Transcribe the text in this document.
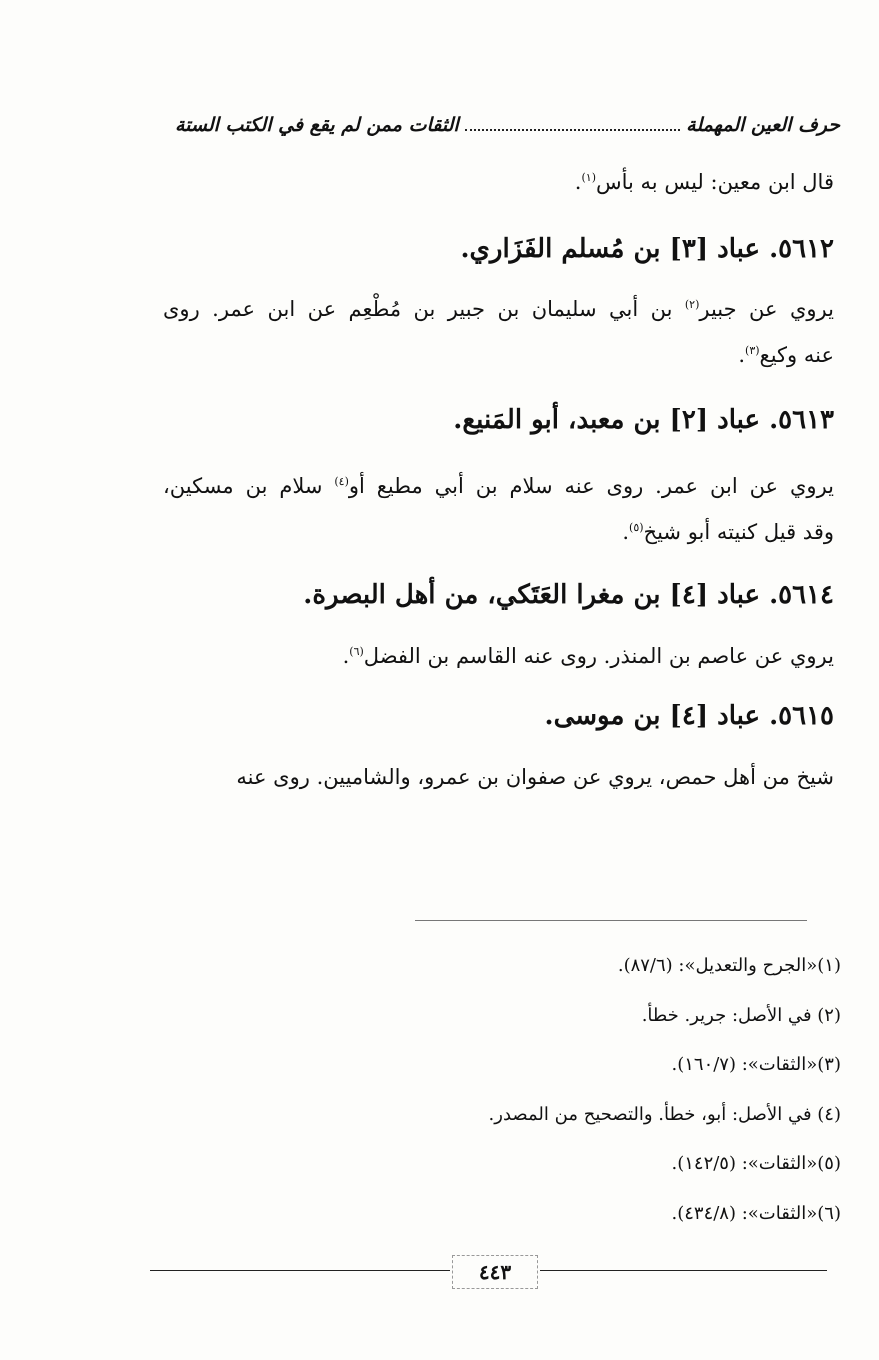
حرف العين المهملة
الثقات ممن لم يقع في الكتب الستة
قال ابن معين: ليس به بأس$^{(١)}$.
٥٦١٢. عباد [٣] بن مُسلم الفَزَاري.
يروي عن جبير$^{(٢)}$ بن أبي سليمان بن جبير بن مُطْعِم عن ابن عمر. روى
عنه وكيع$^{(٣)}$.
٥٦١٣. عباد [٢] بن معبد، أبو المَنيع.
يروي عن ابن عمر. روى عنه سلام بن أبي مطيع أو$^{(٤)}$ سلام بن مسكين،
وقد قيل كنيته أبو شيخ$^{(٥)}$.
٥٦١٤. عباد [٤] بن مغرا العَتَكي، من أهل البصرة.
يروي عن عاصم بن المنذر. روى عنه القاسم بن الفضل$^{(٦)}$.
٥٦١٥. عباد [٤] بن موسى.
شيخ من أهل حمص، يروي عن صفوان بن عمرو، والشاميين. روى عنه
(١)«الجرح والتعديل»: (٨٧/٦).
(٢) في الأصل: جرير. خطأ.
(٣)«الثقات»: (١٦٠/٧).
(٤) في الأصل: أبو، خطأ. والتصحيح من المصدر.
(٥)«الثقات»: (١٤٢/٥).
(٦)«الثقات»: (٤٣٤/٨).
٤٤٣
